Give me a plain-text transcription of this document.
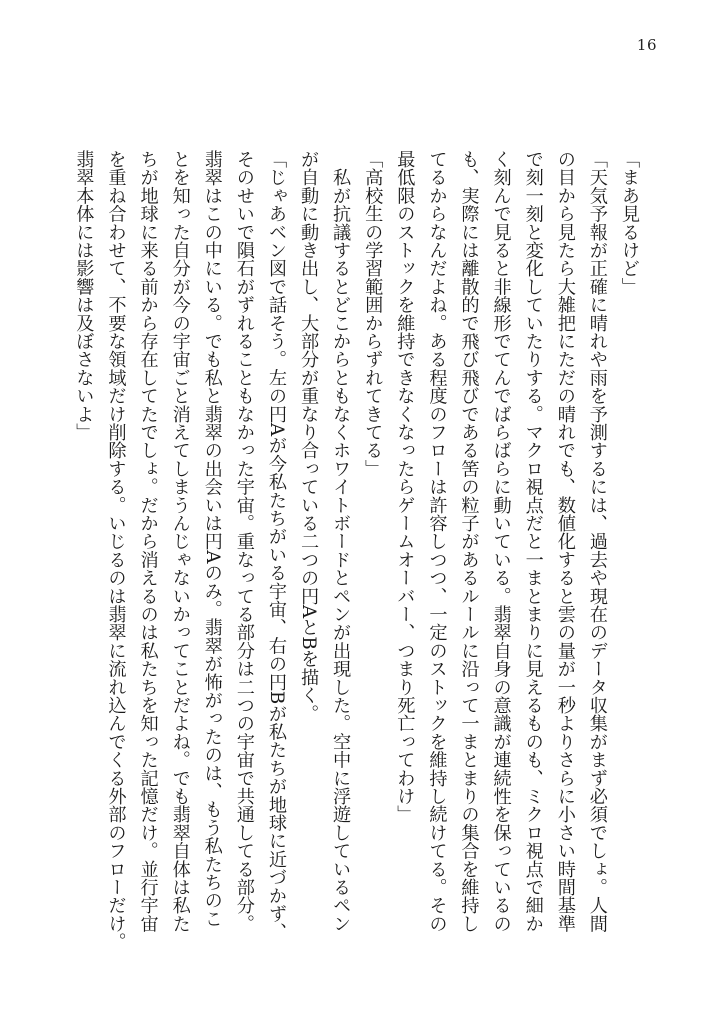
16
「まあ見るけど」
「天気予報が正確に晴れや雨を予測するには、過去や現在のデータ収集がまず必須でしょ。人間
の目から見たら大雑把にただの晴れでも、数値化すると雲の量が一秒よりさらに小さい時間基準
で刻一刻と変化していたりする。マクロ視点だと一まとまりに見えるものも、ミクロ視点で細か
く刻んで見ると非線形でてんでばらばらに動いている。翡翠自身の意識が連続性を保っているの
も、実際には離散的で飛び飛びである筈の粒子があるルールに沿って一まとまりの集合を維持し
てるからなんだよね。ある程度のフローは許容しつつ、一定のストックを維持し続けてる。その
最低限のストックを維持できなくなったらゲームオーバー、つまり死亡ってわけ」
「高校生の学習範囲からずれてきてる」
　私が抗議するとどこからともなくホワイトボードとペンが出現した。空中に浮遊しているペン
が自動に動き出し、大部分が重なり合っている二つの円AとBを描く。
「じゃあベン図で話そう。左の円Aが今私たちがいる宇宙、右の円Bが私たちが地球に近づかず、
そのせいで隕石がずれることもなかった宇宙。重なってる部分は二つの宇宙で共通してる部分。
翡翠はこの中にいる。でも私と翡翠の出会いは円Aのみ。翡翠が怖がったのは、もう私たちのこ
とを知った自分が今の宇宙ごと消えてしまうんじゃないかってことだよね。でも翡翠自体は私た
ちが地球に来る前から存在してたでしょ。だから消えるのは私たちを知った記憶だけ。並行宇宙
を重ね合わせて、不要な領域だけ削除する。いじるのは翡翠に流れ込んでくる外部のフローだけ。
翡翠本体には影響は及ぼさないよ」
